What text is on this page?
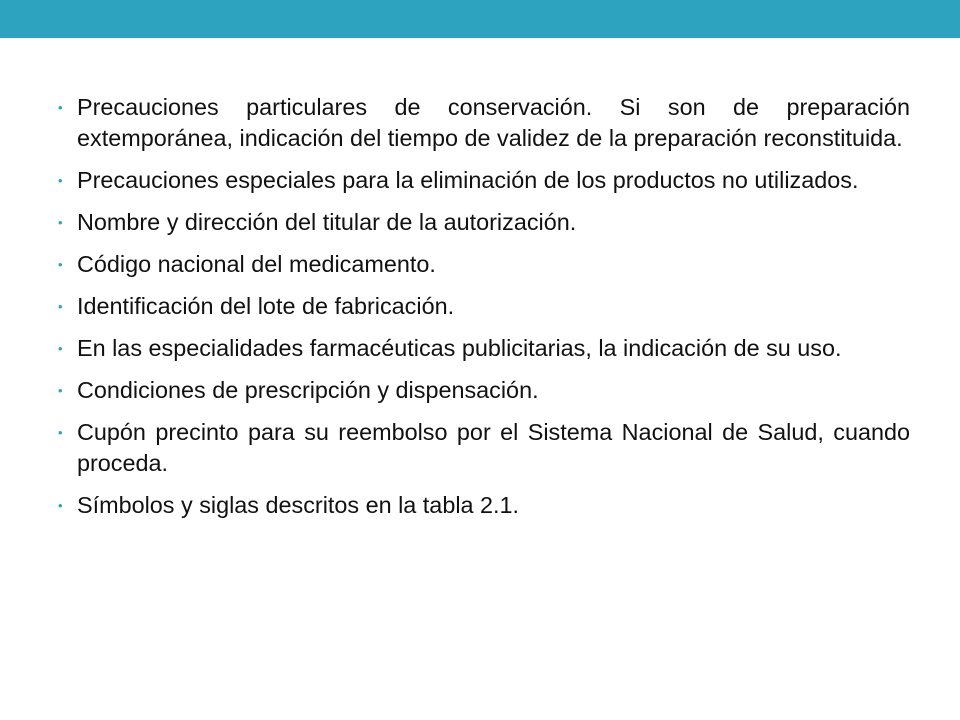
• Precauciones particulares de conservación. Si son de preparación extemporánea, indicación del tiempo de validez de la preparación reconstituida.
• Precauciones especiales para la eliminación de los productos no utilizados.
• Nombre y dirección del titular de la autorización.
• Código nacional del medicamento.
• Identificación del lote de fabricación.
• En las especialidades farmacéuticas publicitarias, la indicación de su uso.
• Condiciones de prescripción y dispensación.
• Cupón precinto para su reembolso por el Sistema Nacional de Salud, cuando proceda.
• Símbolos y siglas descritos en la tabla 2.1.
